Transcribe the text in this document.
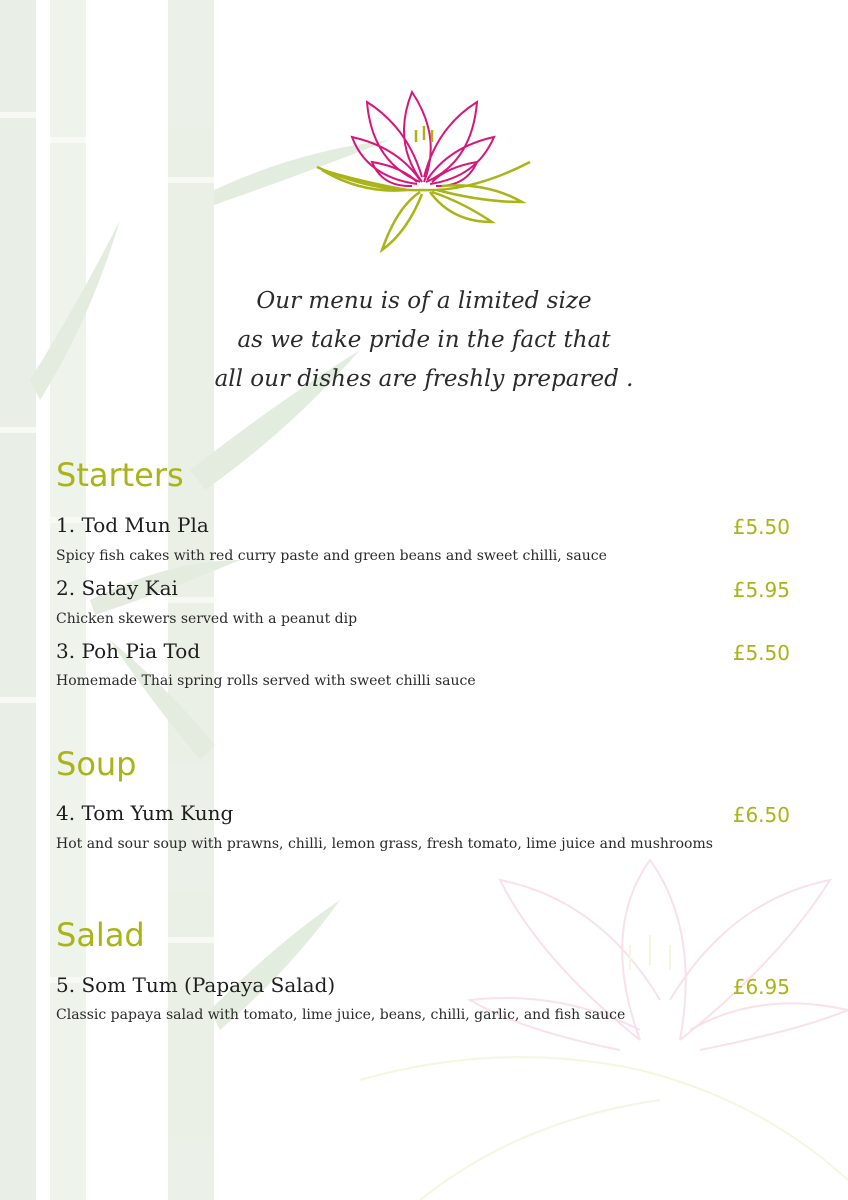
Our menu is of a limited size
as we take pride in the fact that
all our dishes are freshly prepared .
Starters
1. Tod Mun Pla	£5.50
Spicy fish cakes with red curry paste and green beans and sweet chilli, sauce
2. Satay Kai	£5.95
Chicken skewers served with a peanut dip
3. Poh Pia Tod	£5.50
Homemade Thai spring rolls served with sweet chilli sauce
Soup
4. Tom Yum Kung	£6.50
Hot and sour soup with prawns, chilli, lemon grass, fresh tomato, lime juice and mushrooms
Salad
5. Som Tum (Papaya Salad)	£6.95
Classic papaya salad with tomato, lime juice, beans, chilli, garlic, and fish sauce
